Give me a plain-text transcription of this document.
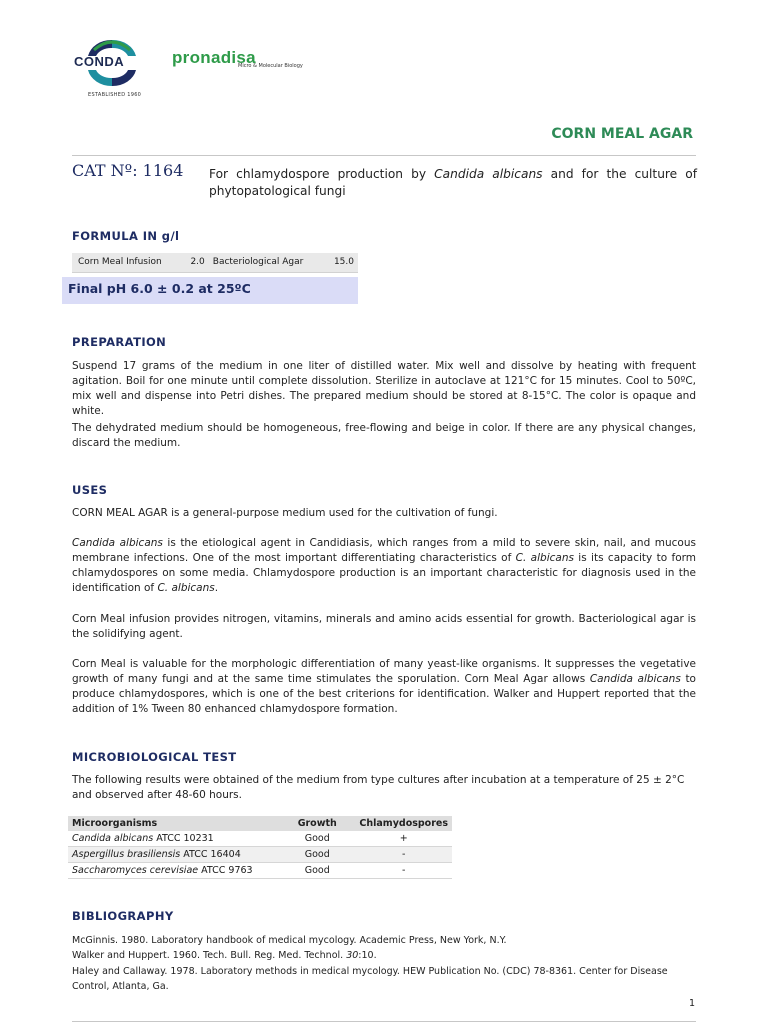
CONDA
ESTABLISHED 1960
pronadisa
Micro & Molecular Biology
CORN MEAL AGAR
CAT Nº: 1164 For chlamydospore production by Candida albicans and for the culture of phytopatological fungi
FORMULA IN g/l
Corn Meal Infusion	2.0	Bacteriological Agar	15.0
Final pH 6.0 ± 0.2 at 25ºC
PREPARATION
Suspend 17 grams of the medium in one liter of distilled water. Mix well and dissolve by heating with frequent agitation. Boil for one minute until complete dissolution. Sterilize in autoclave at 121°C for 15 minutes. Cool to 50ºC, mix well and dispense into Petri dishes. The prepared medium should be stored at 8-15°C. The color is opaque and white.
The dehydrated medium should be homogeneous, free-flowing and beige in color. If there are any physical changes, discard the medium.
USES
CORN MEAL AGAR is a general-purpose medium used for the cultivation of fungi.
Candida albicans is the etiological agent in Candidiasis, which ranges from a mild to severe skin, nail, and mucous membrane infections. One of the most important differentiating characteristics of C. albicans is its capacity to form chlamydospores on some media. Chlamydospore production is an important characteristic for diagnosis used in the identification of C. albicans.
Corn Meal infusion provides nitrogen, vitamins, minerals and amino acids essential for growth. Bacteriological agar is the solidifying agent.
Corn Meal is valuable for the morphologic differentiation of many yeast-like organisms. It suppresses the vegetative growth of many fungi and at the same time stimulates the sporulation. Corn Meal Agar allows Candida albicans to produce chlamydospores, which is one of the best criterions for identification. Walker and Huppert reported that the addition of 1% Tween 80 enhanced chlamydospore formation.
MICROBIOLOGICAL TEST
The following results were obtained of the medium from type cultures after incubation at a temperature of 25 ± 2°C and observed after 48-60 hours.
Microorganisms	Growth	Chlamydospores
Candida albicans ATCC 10231	Good	+
Aspergillus brasiliensis ATCC 16404	Good	-
Saccharomyces cerevisiae ATCC 9763	Good	-
BIBLIOGRAPHY
McGinnis. 1980. Laboratory handbook of medical mycology. Academic Press, New York, N.Y.
Walker and Huppert. 1960. Tech. Bull. Reg. Med. Technol. 30:10.
Haley and Callaway. 1978. Laboratory methods in medical mycology. HEW Publication No. (CDC) 78-8361. Center for Disease Control, Atlanta, Ga.
1
